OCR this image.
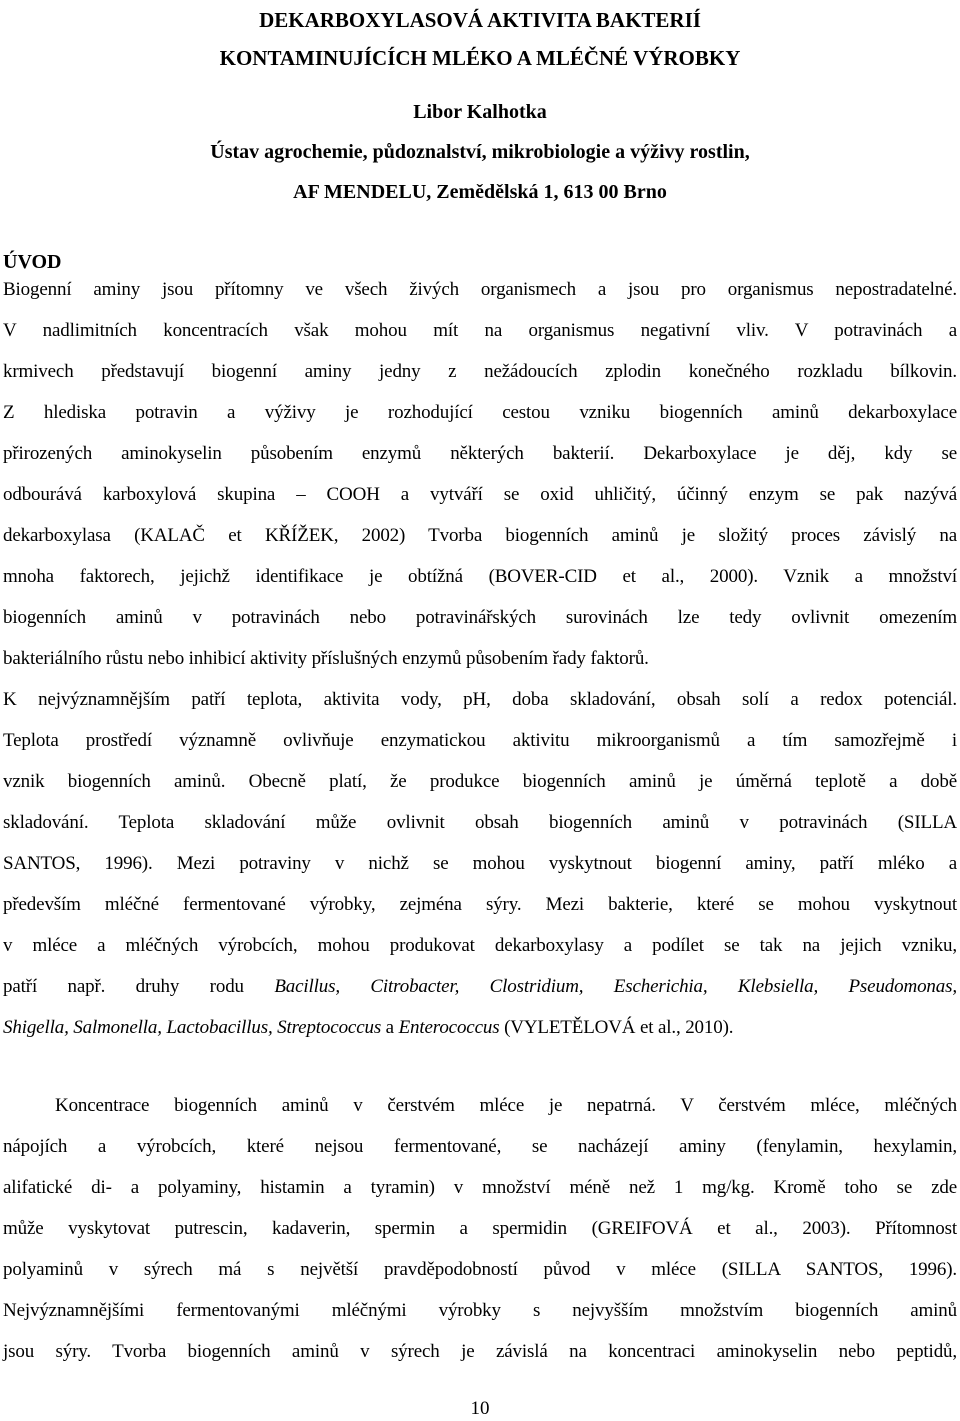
DEKARBOXYLASOVÁ AKTIVITA BAKTERIÍ
KONTAMINUJÍCÍCH MLÉKO A MLÉČNÉ VÝROBKY
Libor Kalhotka
Ústav agrochemie, půdoznalství, mikrobiologie a výživy rostlin,
AF MENDELU, Zemědělská 1, 613 00 Brno
ÚVOD
Biogenní aminy jsou přítomny ve všech živých organismech a jsou pro organismus nepostradatelné.
V nadlimitních koncentracích však mohou mít na organismus negativní vliv. V potravinách a
krmivech představují biogenní aminy jedny z nežádoucích zplodin konečného rozkladu bílkovin.
Z hlediska potravin a výživy je rozhodující cestou vzniku biogenních aminů dekarboxylace
přirozených aminokyselin působením enzymů některých bakterií. Dekarboxylace je děj, kdy se
odbourává karboxylová skupina – COOH a vytváří se oxid uhličitý, účinný enzym se pak nazývá
dekarboxylasa (KALAČ et KŘÍŽEK, 2002) Tvorba biogenních aminů je složitý proces závislý na
mnoha faktorech, jejichž identifikace je obtížná (BOVER-CID et al., 2000). Vznik a množství
biogenních aminů v potravinách nebo potravinářských surovinách lze tedy ovlivnit omezením
bakteriálního růstu nebo inhibicí aktivity příslušných enzymů působením řady faktorů.
K nejvýznamnějším patří teplota, aktivita vody, pH, doba skladování, obsah solí a redox potenciál.
Teplota prostředí významně ovlivňuje enzymatickou aktivitu mikroorganismů a tím samozřejmě i
vznik biogenních aminů. Obecně platí, že produkce biogenních aminů je úměrná teplotě a době
skladování. Teplota skladování může ovlivnit obsah biogenních aminů v potravinách (SILLA
SANTOS, 1996). Mezi potraviny v nichž se mohou vyskytnout biogenní aminy, patří mléko a
především mléčné fermentované výrobky, zejména sýry. Mezi bakterie, které se mohou vyskytnout
v mléce a mléčných výrobcích, mohou produkovat dekarboxylasy a podílet se tak na jejich vzniku,
patří např. druhy rodu Bacillus, Citrobacter, Clostridium, Escherichia, Klebsiella, Pseudomonas,
Shigella, Salmonella, Lactobacillus, Streptococcus a Enterococcus (VYLETĚLOVÁ et al., 2010).
Koncentrace biogenních aminů v čerstvém mléce je nepatrná. V čerstvém mléce, mléčných
nápojích a výrobcích, které nejsou fermentované, se nacházejí aminy (fenylamin, hexylamin,
alifatické di- a polyaminy, histamin a tyramin) v množství méně než 1 mg/kg. Kromě toho se zde
může vyskytovat putrescin, kadaverin, spermin a spermidin (GREIFOVÁ et al., 2003). Přítomnost
polyaminů v sýrech má s největší pravděpodobností původ v mléce (SILLA SANTOS, 1996).
Nejvýznamnějšími fermentovanými mléčnými výrobky s nejvyšším množstvím biogenních aminů
jsou sýry. Tvorba biogenních aminů v sýrech je závislá na koncentraci aminokyselin nebo peptidů,
10
